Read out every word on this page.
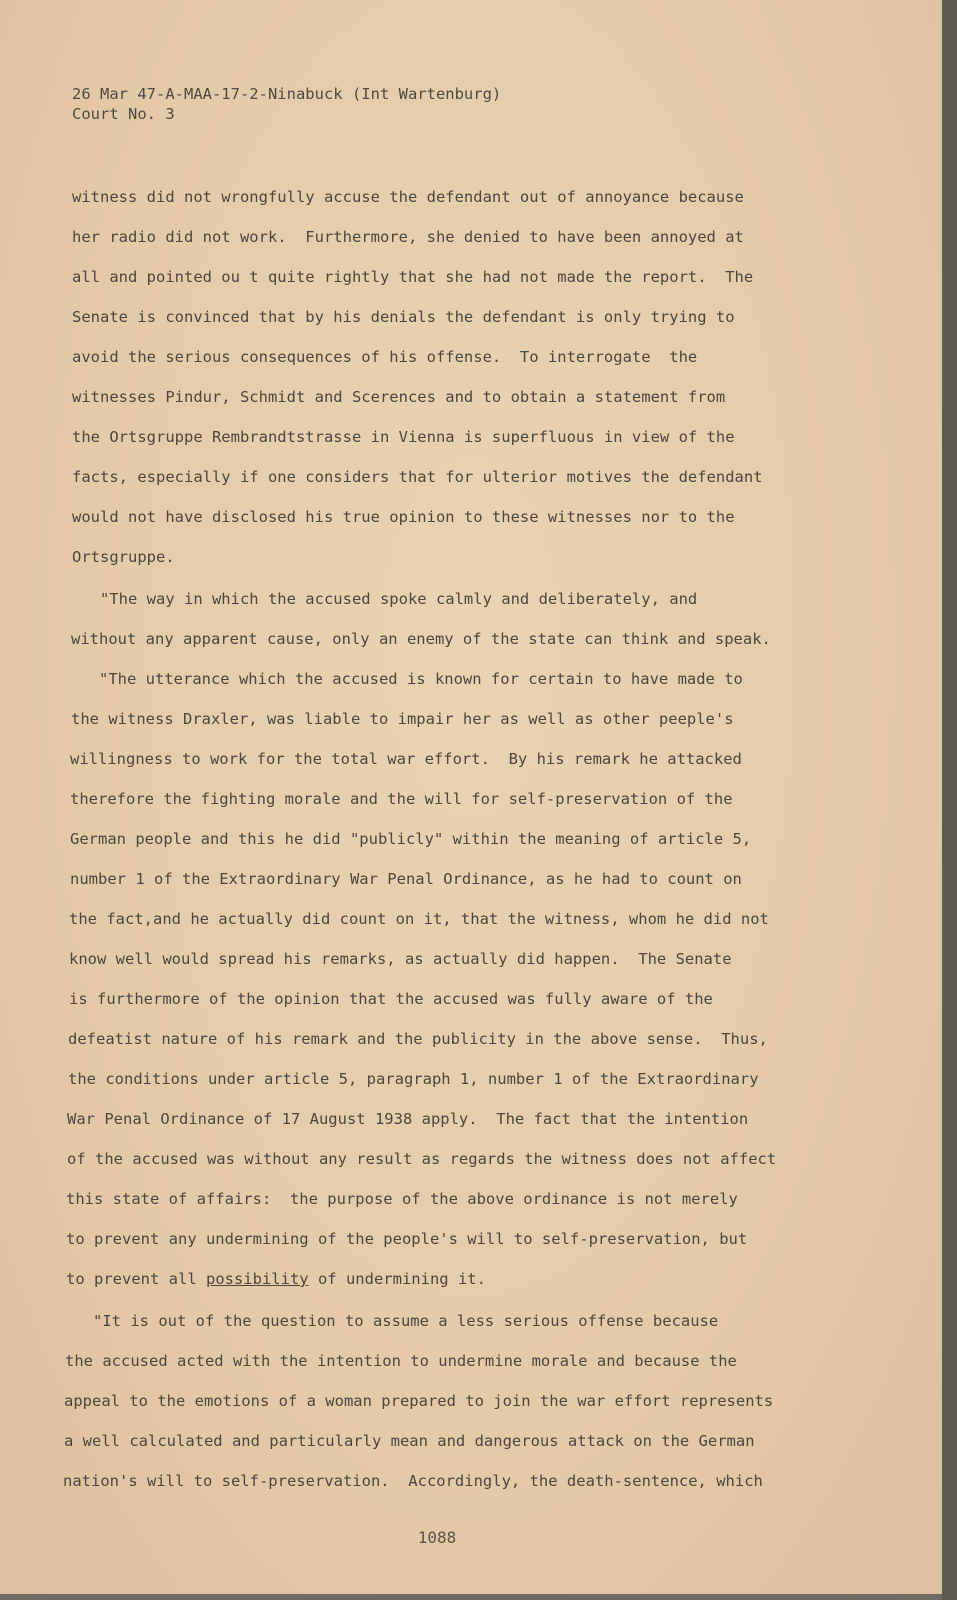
26 Mar 47-A-MAA-17-2-Ninabuck (Int Wartenburg)
Court No. 3
witness did not wrongfully accuse the defendant out of annoyance because
her radio did not work.  Furthermore, she denied to have been annoyed at
all and pointed ou t quite rightly that she had not made the report.  The
Senate is convinced that by his denials the defendant is only trying to
avoid the serious consequences of his offense.  To interrogate  the
witnesses Pindur, Schmidt and Scerences and to obtain a statement from
the Ortsgruppe Rembrandtstrasse in Vienna is superfluous in view of the
facts, especially if one considers that for ulterior motives the defendant
would not have disclosed his true opinion to these witnesses nor to the
Ortsgruppe.
"The way in which the accused spoke calmly and deliberately, and
without any apparent cause, only an enemy of the state can think and speak.
"The utterance which the accused is known for certain to have made to
the witness Draxler, was liable to impair her as well as other peeple's
willingness to work for the total war effort.  By his remark he attacked
therefore the fighting morale and the will for self-preservation of the
German people and this he did "publicly" within the meaning of article 5,
number 1 of the Extraordinary War Penal Ordinance, as he had to count on
the fact,and he actually did count on it, that the witness, whom he did not
know well would spread his remarks, as actually did happen.  The Senate
is furthermore of the opinion that the accused was fully aware of the
defeatist nature of his remark and the publicity in the above sense.  Thus,
the conditions under article 5, paragraph 1, number 1 of the Extraordinary
War Penal Ordinance of 17 August 1938 apply.  The fact that the intention
of the accused was without any result as regards the witness does not affect
this state of affairs:  the purpose of the above ordinance is not merely
to prevent any undermining of the people's will to self-preservation, but
to prevent all possibility of undermining it.
"It is out of the question to assume a less serious offense because
the accused acted with the intention to undermine morale and because the
appeal to the emotions of a woman prepared to join the war effort represents
a well calculated and particularly mean and dangerous attack on the German
nation's will to self-preservation.  Accordingly, the death-sentence, which
1088
